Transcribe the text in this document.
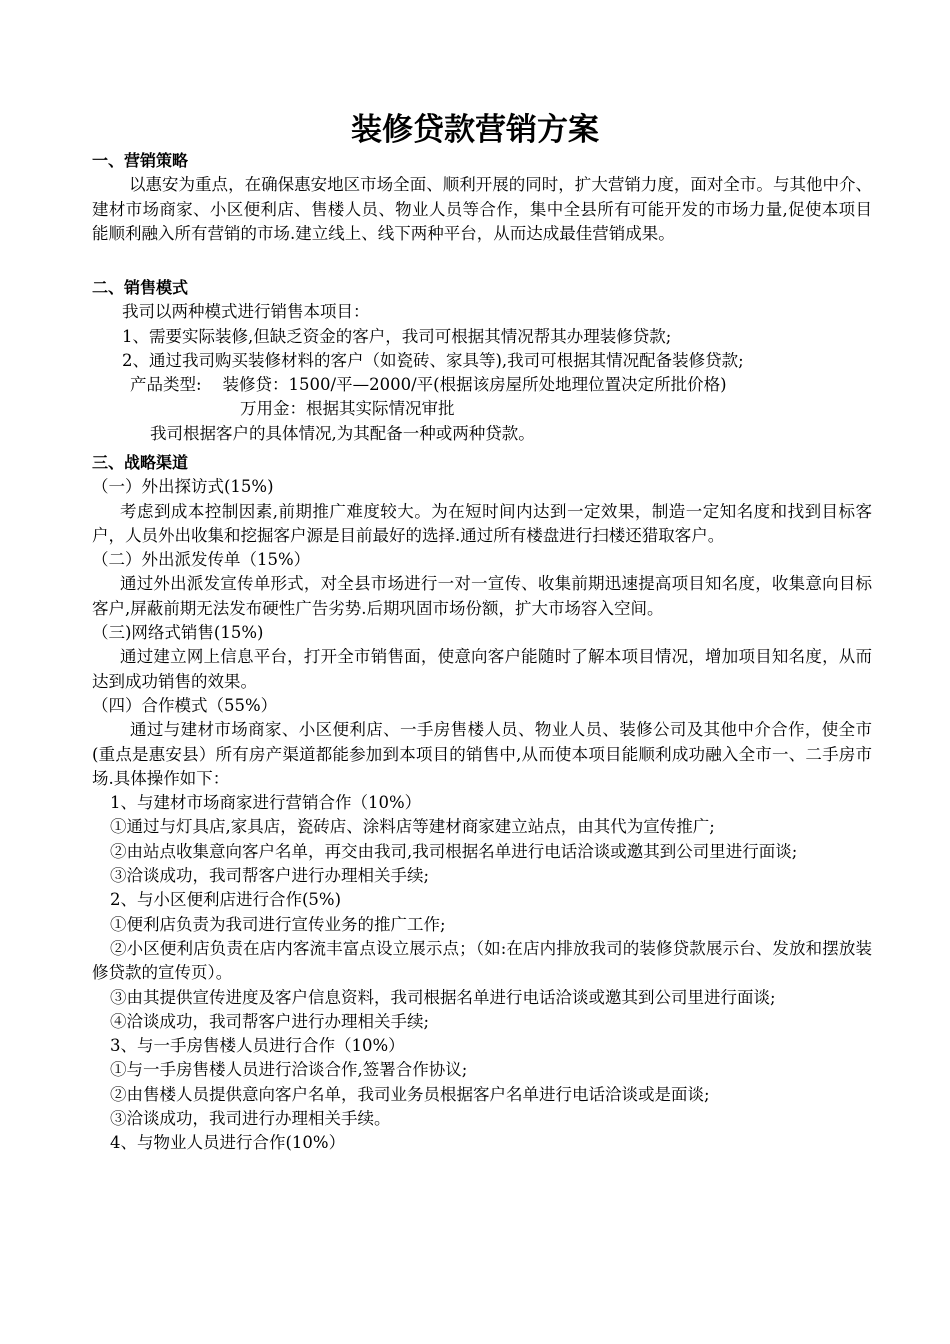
装修贷款营销方案
一、营销策略
以惠安为重点，在确保惠安地区市场全面、顺利开展的同时，扩大营销力度，面对全市。与其他中介、建材市场商家、小区便利店、售楼人员、物业人员等合作，集中全县所有可能开发的市场力量,促使本项目能顺利融入所有营销的市场.建立线上、线下两种平台，从而达成最佳营销成果。
二、销售模式
我司以两种模式进行销售本项目：
1、需要实际装修,但缺乏资金的客户，我司可根据其情况帮其办理装修贷款;
2、通过我司购买装修材料的客户（如瓷砖、家具等),我司可根据其情况配备装修贷款;
产品类型:    装修贷：1500/平—2000/平(根据该房屋所处地理位置决定所批价格)
万用金：根据其实际情况审批
我司根据客户的具体情况,为其配备一种或两种贷款。
三、战略渠道
（一）外出探访式(15%)
考虑到成本控制因素,前期推广难度较大。为在短时间内达到一定效果，制造一定知名度和找到目标客户，人员外出收集和挖掘客户源是目前最好的选择.通过所有楼盘进行扫楼还猎取客户。
（二）外出派发传单（15%）
通过外出派发宣传单形式，对全县市场进行一对一宣传、收集前期迅速提高项目知名度，收集意向目标客户,屏蔽前期无法发布硬性广告劣势.后期巩固市场份额，扩大市场容入空间。
（三)网络式销售(15%)
通过建立网上信息平台，打开全市销售面，使意向客户能随时了解本项目情况，增加项目知名度，从而达到成功销售的效果。
（四）合作模式（55%）
通过与建材市场商家、小区便利店、一手房售楼人员、物业人员、装修公司及其他中介合作，使全市(重点是惠安县）所有房产渠道都能参加到本项目的销售中,从而使本项目能顺利成功融入全市一、二手房市场.具体操作如下：
1、与建材市场商家进行营销合作（10%）
①通过与灯具店,家具店，瓷砖店、涂料店等建材商家建立站点，由其代为宣传推广;
②由站点收集意向客户名单，再交由我司,我司根据名单进行电话洽谈或邀其到公司里进行面谈;
③洽谈成功，我司帮客户进行办理相关手续;
2、与小区便利店进行合作(5%)
①便利店负责为我司进行宣传业务的推广工作;
②小区便利店负责在店内客流丰富点设立展示点；（如:在店内排放我司的装修贷款展示台、发放和摆放装修贷款的宣传页）。
③由其提供宣传进度及客户信息资料，我司根据名单进行电话洽谈或邀其到公司里进行面谈;
④洽谈成功，我司帮客户进行办理相关手续;
3、与一手房售楼人员进行合作（10%）
①与一手房售楼人员进行洽谈合作,签署合作协议;
②由售楼人员提供意向客户名单，我司业务员根据客户名单进行电话洽谈或是面谈;
③洽谈成功，我司进行办理相关手续。
4、与物业人员进行合作(10%）
